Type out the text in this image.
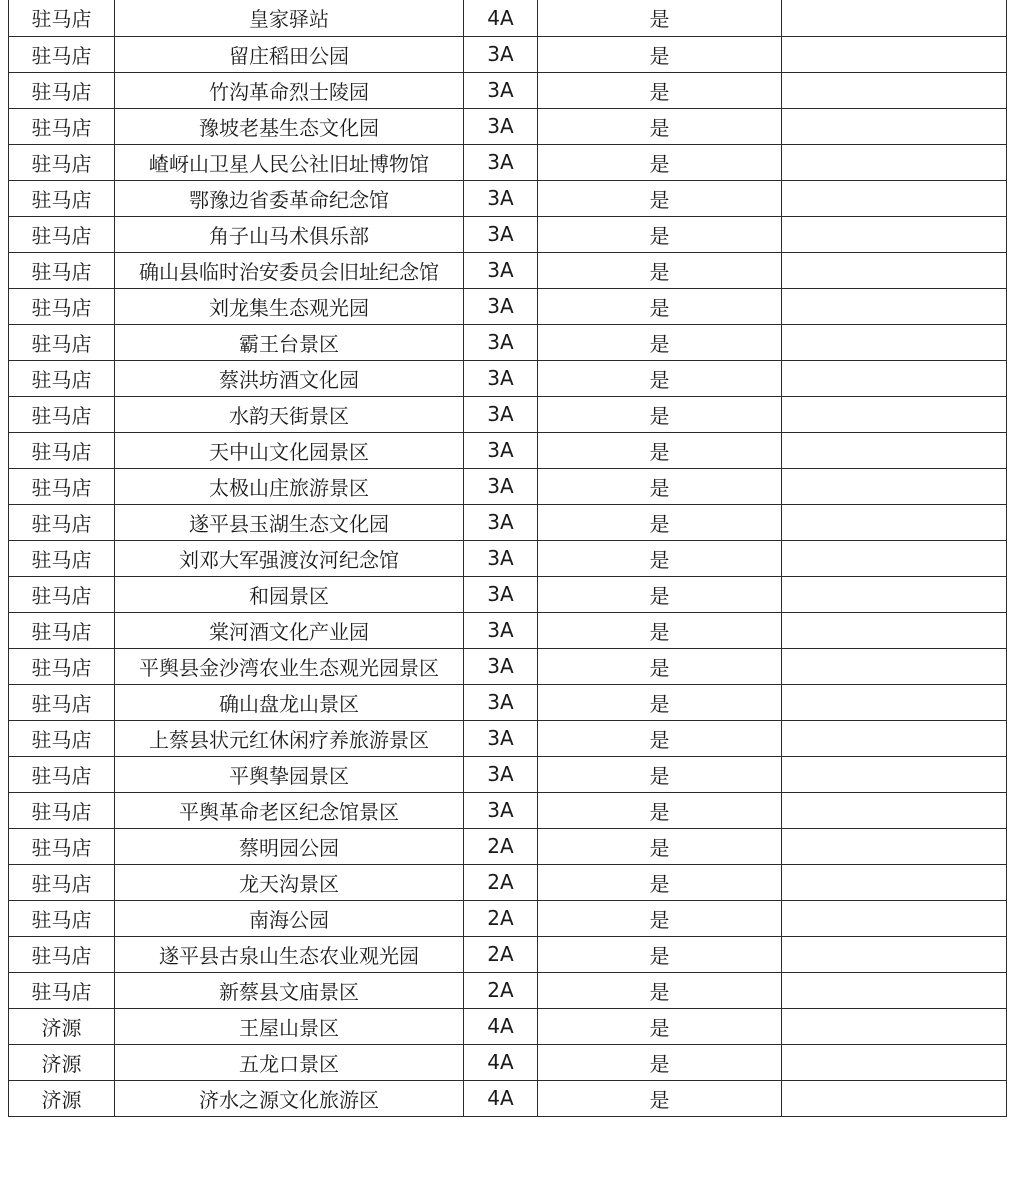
驻马店	皇家驿站	4A	是	
驻马店	留庄稻田公园	3A	是	
驻马店	竹沟革命烈士陵园	3A	是	
驻马店	豫坡老基生态文化园	3A	是	
驻马店	嵖岈山卫星人民公社旧址博物馆	3A	是	
驻马店	鄂豫边省委革命纪念馆	3A	是	
驻马店	角子山马术俱乐部	3A	是	
驻马店	确山县临时治安委员会旧址纪念馆	3A	是	
驻马店	刘龙集生态观光园	3A	是	
驻马店	霸王台景区	3A	是	
驻马店	蔡洪坊酒文化园	3A	是	
驻马店	水韵天街景区	3A	是	
驻马店	天中山文化园景区	3A	是	
驻马店	太极山庄旅游景区	3A	是	
驻马店	遂平县玉湖生态文化园	3A	是	
驻马店	刘邓大军强渡汝河纪念馆	3A	是	
驻马店	和园景区	3A	是	
驻马店	棠河酒文化产业园	3A	是	
驻马店	平舆县金沙湾农业生态观光园景区	3A	是	
驻马店	确山盘龙山景区	3A	是	
驻马店	上蔡县状元红休闲疗养旅游景区	3A	是	
驻马店	平舆挚园景区	3A	是	
驻马店	平舆革命老区纪念馆景区	3A	是	
驻马店	蔡明园公园	2A	是	
驻马店	龙天沟景区	2A	是	
驻马店	南海公园	2A	是	
驻马店	遂平县古泉山生态农业观光园	2A	是	
驻马店	新蔡县文庙景区	2A	是	
济源	王屋山景区	4A	是	
济源	五龙口景区	4A	是	
济源	济水之源文化旅游区	4A	是	
